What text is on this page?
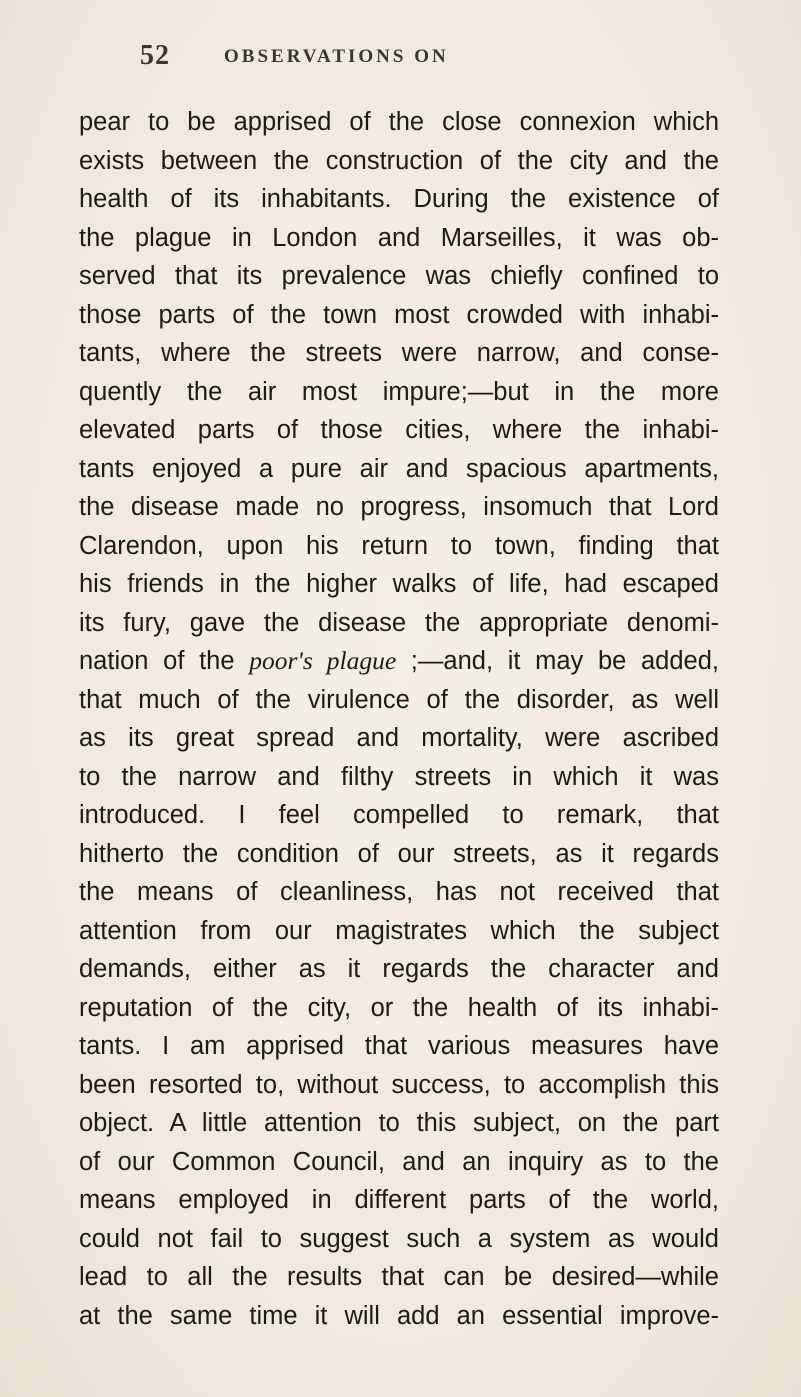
52	OBSERVATIONS ON
pear to be apprised of the close connexion which
exists between the construction of the city and the
health of its inhabitants. During the existence of
the plague in London and Marseilles, it was ob-
served that its prevalence was chiefly confined to
those parts of the town most crowded with inhabi-
tants, where the streets were narrow, and conse-
quently the air most impure;—but in the more
elevated parts of those cities, where the inhabi-
tants enjoyed a pure air and spacious apartments,
the disease made no progress, insomuch that Lord
Clarendon, upon his return to town, finding that
his friends in the higher walks of life, had escaped
its fury, gave the disease the appropriate denomi-
nation of the poor's plague ;—and, it may be added,
that much of the virulence of the disorder, as well
as its great spread and mortality, were ascribed
to the narrow and filthy streets in which it was
introduced. I feel compelled to remark, that
hitherto the condition of our streets, as it regards
the means of cleanliness, has not received that
attention from our magistrates which the subject
demands, either as it regards the character and
reputation of the city, or the health of its inhabi-
tants. I am apprised that various measures have
been resorted to, without success, to accomplish this
object. A little attention to this subject, on the part
of our Common Council, and an inquiry as to the
means employed in different parts of the world,
could not fail to suggest such a system as would
lead to all the results that can be desired—while
at the same time it will add an essential improve-
